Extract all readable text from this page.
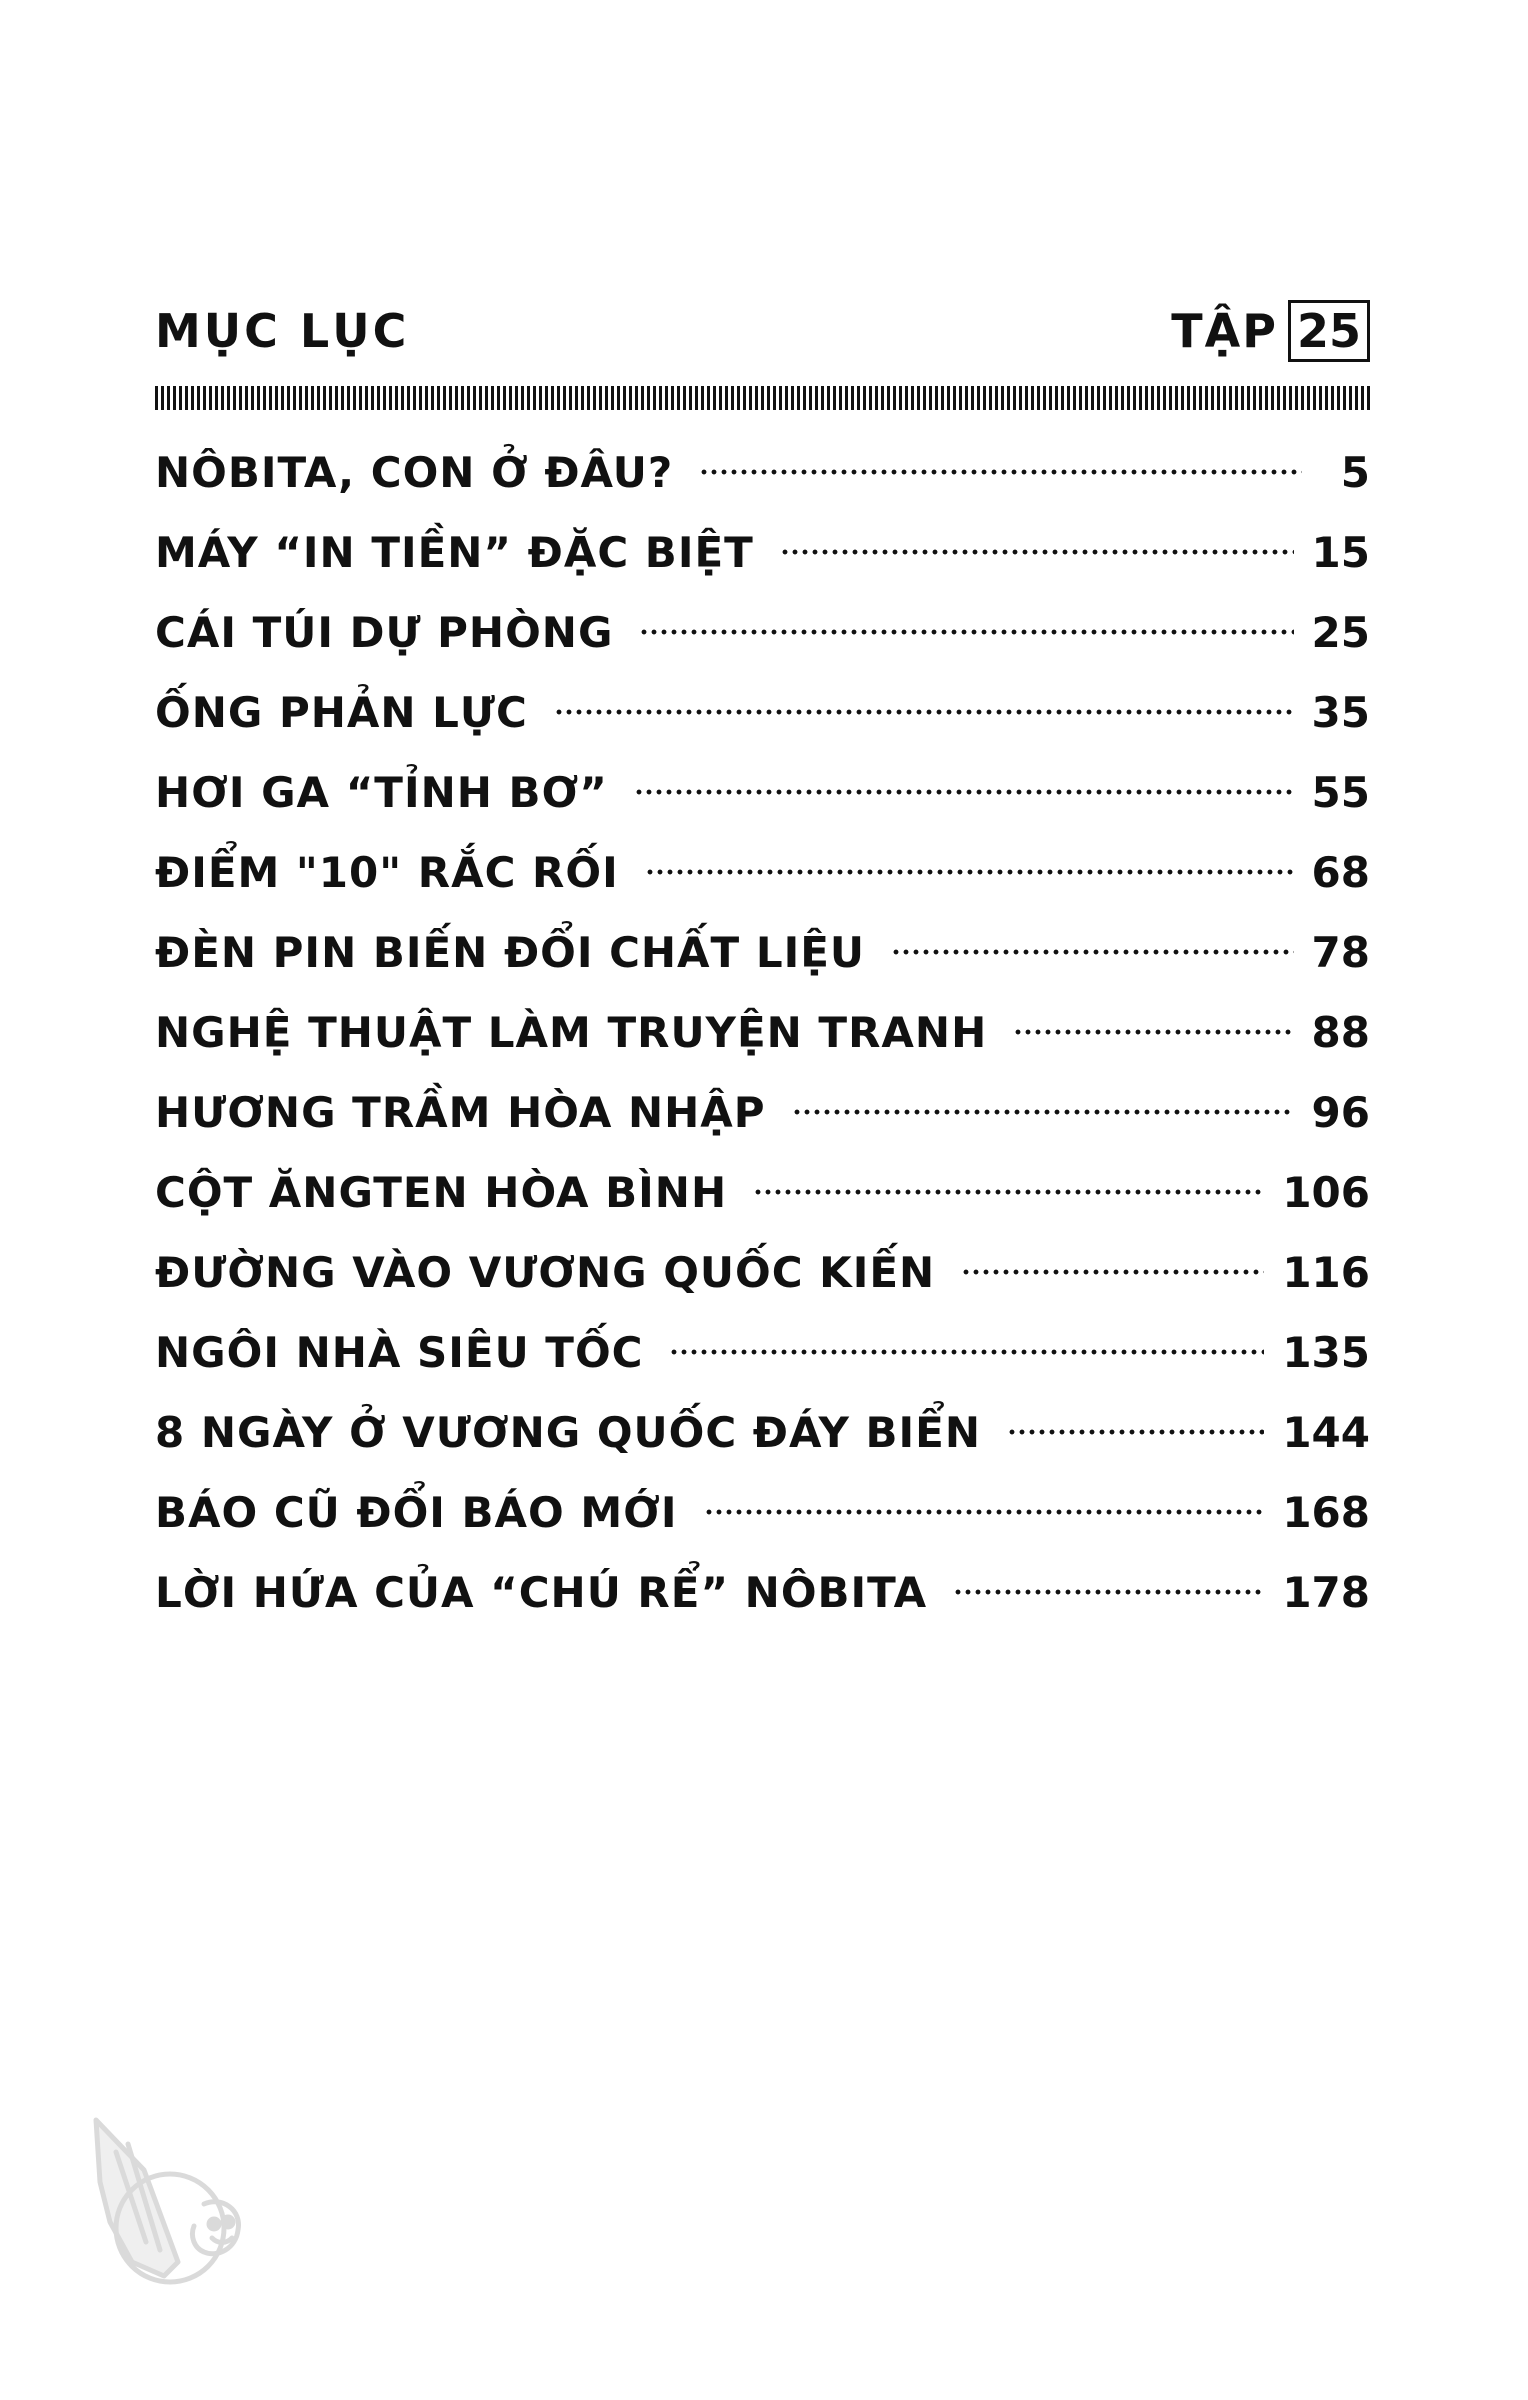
MỤC LỤC	TẬP 25
NÔBITA, CON Ở ĐÂU?	5
MÁY “IN TIỀN” ĐẶC BIỆT	15
CÁI TÚI DỰ PHÒNG	25
ỐNG PHẢN LỰC	35
HƠI GA “TỈNH BƠ”	55
ĐIỂM "10" RẮC RỐI	68
ĐÈN PIN BIẾN ĐỔI CHẤT LIỆU	78
NGHỆ THUẬT LÀM TRUYỆN TRANH	88
HƯƠNG TRẦM HÒA NHẬP	96
CỘT ĂNGTEN HÒA BÌNH	106
ĐƯỜNG VÀO VƯƠNG QUỐC KIẾN	116
NGÔI NHÀ SIÊU TỐC	135
8 NGÀY Ở VƯƠNG QUỐC ĐÁY BIỂN	144
BÁO CŨ ĐỔI BÁO MỚI	168
LỜI HỨA CỦA “CHÚ RỂ” NÔBITA	178
